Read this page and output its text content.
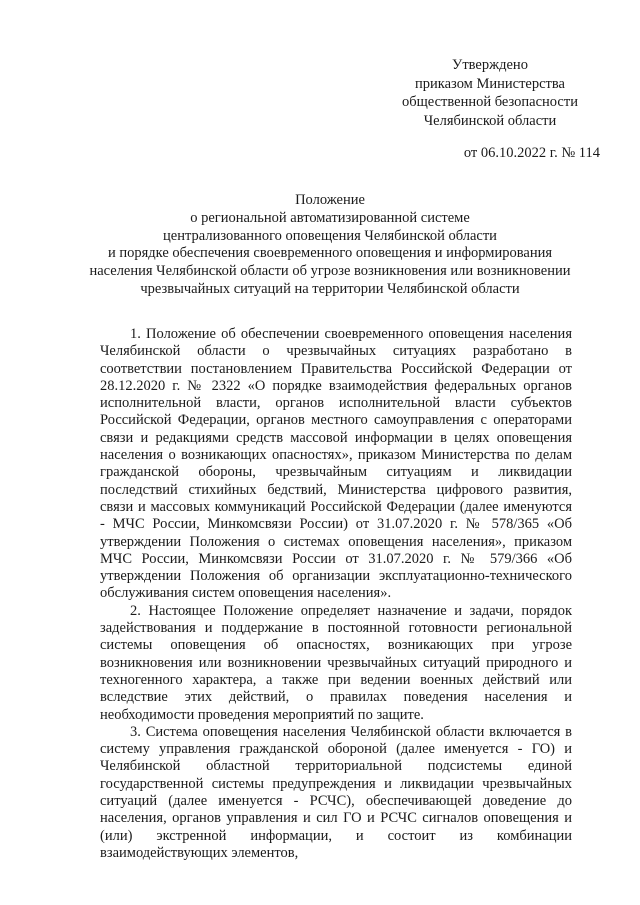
Утверждено
приказом Министерства
общественной безопасности
Челябинской области
от 06.10.2022 г. № 114
Положение
о региональной автоматизированной системе
централизованного оповещения Челябинской области
и порядке обеспечения своевременного оповещения и информирования
населения Челябинской области об угрозе возникновения или возникновении
чрезвычайных ситуаций на территории Челябинской области

1. Положение об обеспечении своевременного оповещения населения Челябинской области о чрезвычайных ситуациях разработано в соответствии постановлением Правительства Российской Федерации от 28.12.2020 г. № 2322 «О порядке взаимодействия федеральных органов исполнительной власти, органов исполнительной власти субъектов Российской Федерации, органов местного самоуправления с операторами связи и редакциями средств массовой информации в целях оповещения населения о возникающих опасностях», приказом Министерства по делам гражданской обороны, чрезвычайным ситуациям и ликвидации последствий стихийных бедствий, Министерства цифрового развития, связи и массовых коммуникаций Российской Федерации (далее именуются - МЧС России, Минкомсвязи России) от 31.07.2020 г. № 578/365 «Об утверждении Положения о системах оповещения населения», приказом МЧС России, Минкомсвязи России от 31.07.2020 г. № 579/366 «Об утверждении Положения об организации эксплуатационно-технического обслуживания систем оповещения населения».

2. Настоящее Положение определяет назначение и задачи, порядок задействования и поддержание в постоянной готовности региональной системы оповещения об опасностях, возникающих при угрозе возникновения или возникновении чрезвычайных ситуаций природного и техногенного характера, а также при ведении военных действий или вследствие этих действий, о правилах поведения населения и необходимости проведения мероприятий по защите.

3. Система оповещения населения Челябинской области включается в систему управления гражданской обороной (далее именуется - ГО) и Челябинской областной территориальной подсистемы единой государственной системы предупреждения и ликвидации чрезвычайных ситуаций (далее именуется - РСЧС), обеспечивающей доведение до населения, органов управления и сил ГО и РСЧС сигналов оповещения и (или) экстренной информации, и состоит из комбинации взаимодействующих элементов,
